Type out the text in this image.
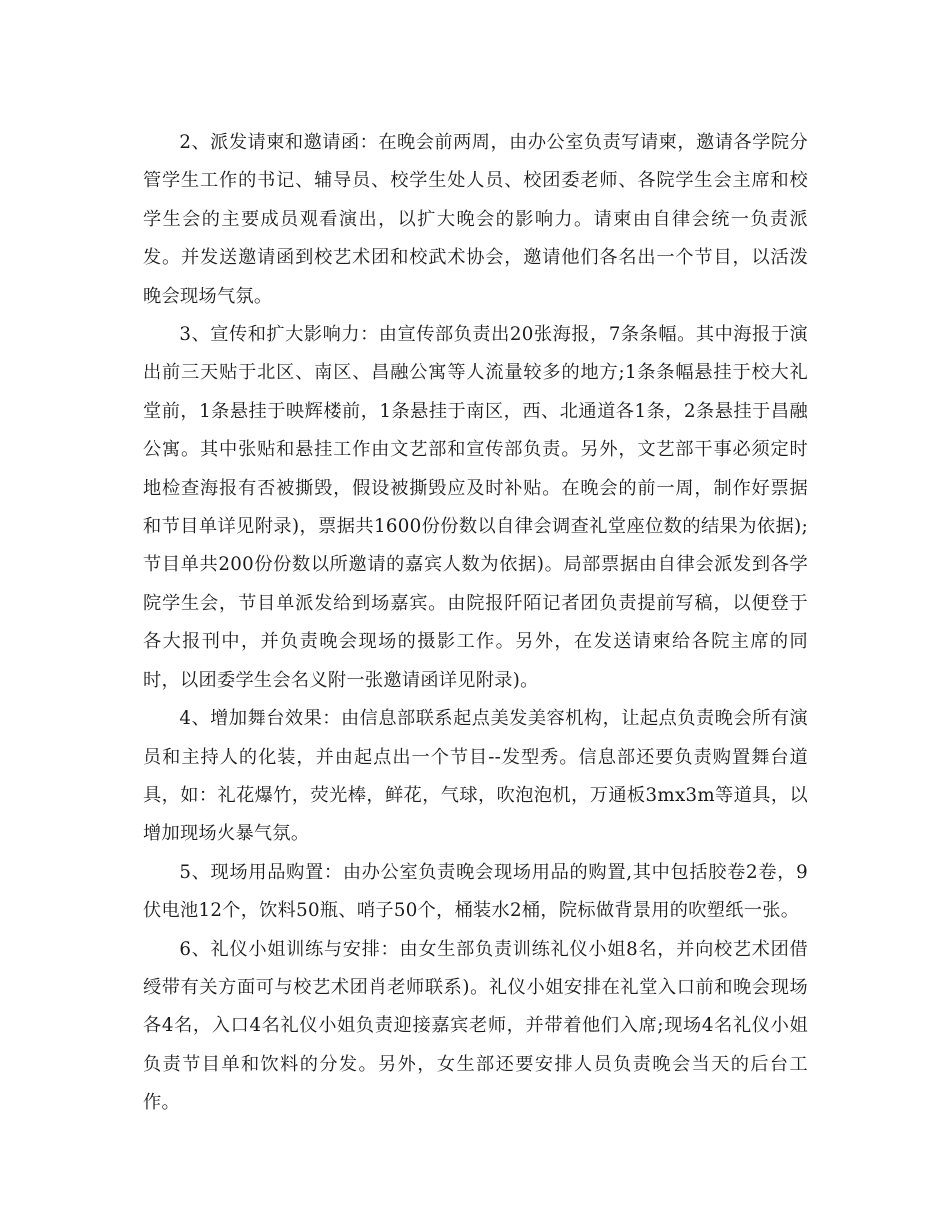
2、派发请柬和邀请函：在晚会前两周，由办公室负责写请柬，邀请各学院分管学生工作的书记、辅导员、校学生处人员、校团委老师、各院学生会主席和校学生会的主要成员观看演出，以扩大晚会的影响力。请柬由自律会统一负责派发。并发送邀请函到校艺术团和校武术协会，邀请他们各名出一个节目，以活泼晚会现场气氛。

3、宣传和扩大影响力：由宣传部负责出20张海报，7条条幅。其中海报于演出前三天贴于北区、南区、昌融公寓等人流量较多的地方;1条条幅悬挂于校大礼堂前，1条悬挂于映辉楼前，1条悬挂于南区，西、北通道各1条，2条悬挂于昌融公寓。其中张贴和悬挂工作由文艺部和宣传部负责。另外，文艺部干事必须定时地检查海报有否被撕毁，假设被撕毁应及时补贴。在晚会的前一周，制作好票据和节目单详见附录)，票据共1600份份数以自律会调查礼堂座位数的结果为依据);节目单共200份份数以所邀请的嘉宾人数为依据)。局部票据由自律会派发到各学院学生会，节目单派发给到场嘉宾。由院报阡陌记者团负责提前写稿，以便登于各大报刊中，并负责晚会现场的摄影工作。另外，在发送请柬给各院主席的同时，以团委学生会名义附一张邀请函详见附录)。

4、增加舞台效果：由信息部联系起点美发美容机构，让起点负责晚会所有演员和主持人的化装，并由起点出一个节目--发型秀。信息部还要负责购置舞台道具，如：礼花爆竹，荧光棒，鲜花，气球，吹泡泡机，万通板3mx3m等道具，以增加现场火暴气氛。

5、现场用品购置：由办公室负责晚会现场用品的购置,其中包括胶卷2卷，9伏电池12个，饮料50瓶、哨子50个，桶装水2桶，院标做背景用的吹塑纸一张。

6、礼仪小姐训练与安排：由女生部负责训练礼仪小姐8名，并向校艺术团借绶带有关方面可与校艺术团肖老师联系)。礼仪小姐安排在礼堂入口前和晚会现场各4名，入口4名礼仪小姐负责迎接嘉宾老师，并带着他们入席;现场4名礼仪小姐负责节目单和饮料的分发。另外，女生部还要安排人员负责晚会当天的后台工作。
